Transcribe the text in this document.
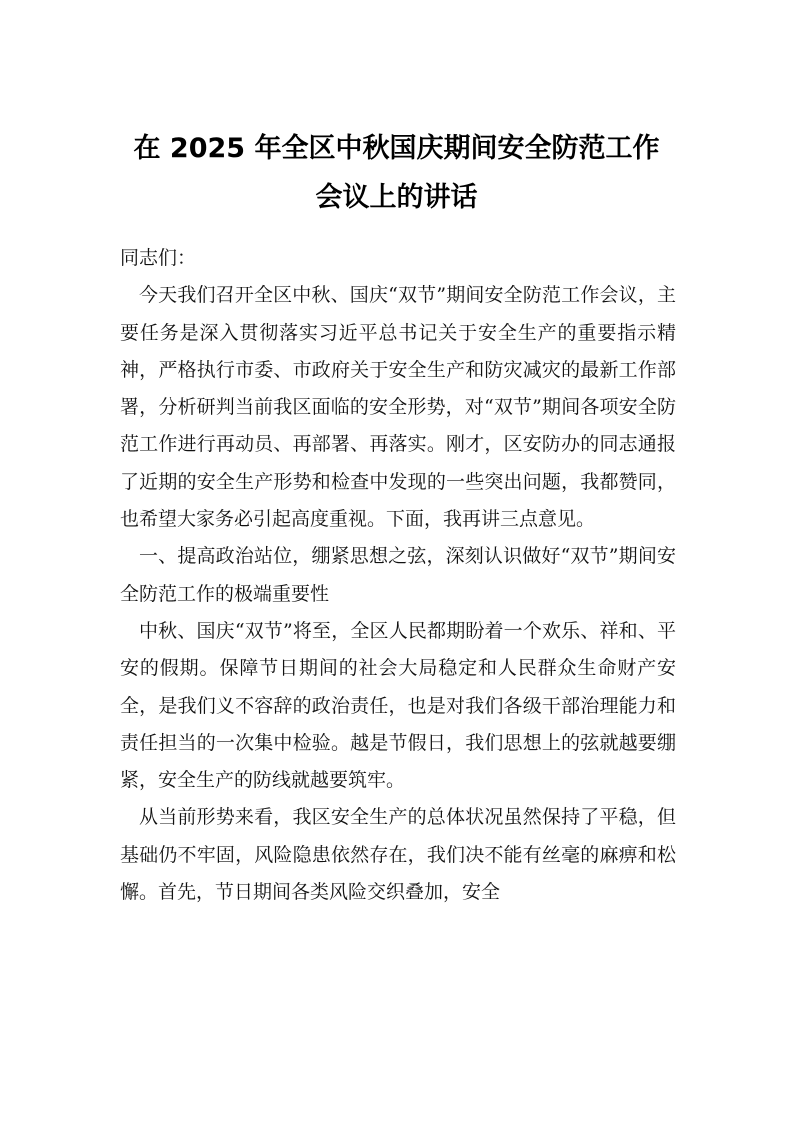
在 2025 年全区中秋国庆期间安全防范工作
会议上的讲话

同志们：

今天我们召开全区中秋、国庆“双节”期间安全防范工作会议，主要任务是深入贯彻落实习近平总书记关于安全生产的重要指示精神，严格执行市委、市政府关于安全生产和防灾减灾的最新工作部署，分析研判当前我区面临的安全形势，对“双节”期间各项安全防范工作进行再动员、再部署、再落实。刚才，区安防办的同志通报了近期的安全生产形势和检查中发现的一些突出问题，我都赞同，也希望大家务必引起高度重视。下面，我再讲三点意见。

一、提高政治站位，绷紧思想之弦，深刻认识做好“双节”期间安全防范工作的极端重要性

中秋、国庆“双节”将至，全区人民都期盼着一个欢乐、祥和、平安的假期。保障节日期间的社会大局稳定和人民群众生命财产安全，是我们义不容辞的政治责任，也是对我们各级干部治理能力和责任担当的一次集中检验。越是节假日，我们思想上的弦就越要绷紧，安全生产的防线就越要筑牢。

从当前形势来看，我区安全生产的总体状况虽然保持了平稳，但基础仍不牢固，风险隐患依然存在，我们决不能有丝毫的麻痹和松懈。首先，节日期间各类风险交织叠加，安全
